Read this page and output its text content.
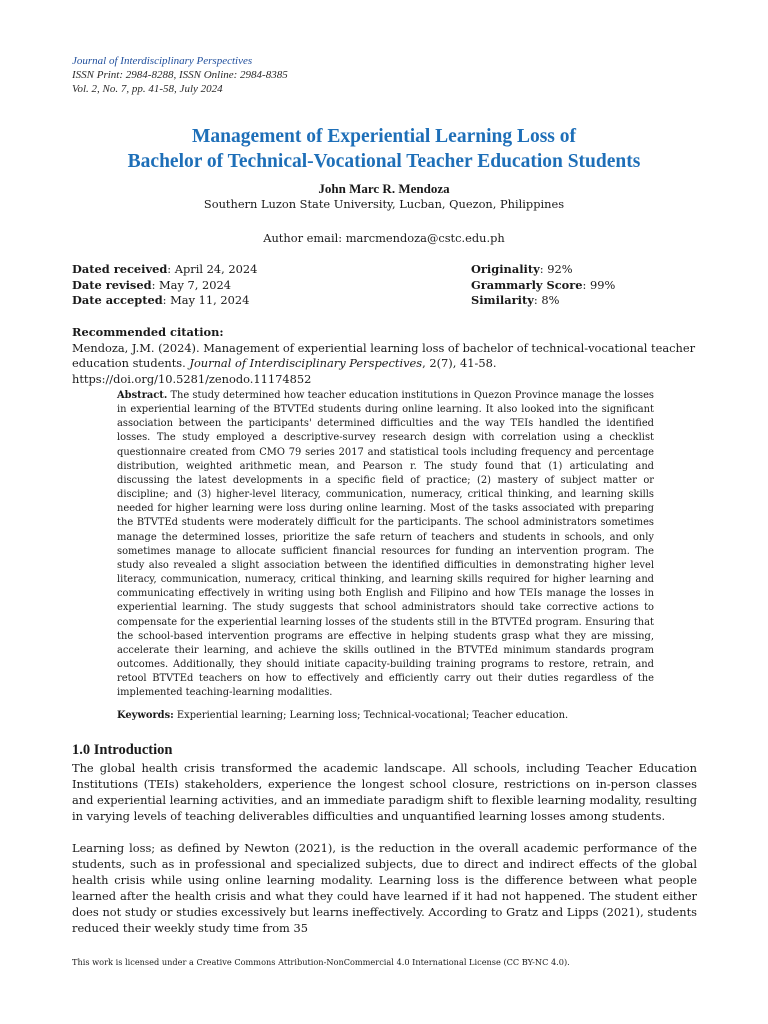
Journal of Interdisciplinary Perspectives
ISSN Print: 2984-8288, ISSN Online: 2984-8385
Vol. 2, No. 7, pp. 41-58, July 2024
Management of Experiential Learning Loss of
Bachelor of Technical-Vocational Teacher Education Students
John Marc R. Mendoza
Southern Luzon State University, Lucban, Quezon, Philippines
Author email: marcmendoza@cstc.edu.ph
Dated received: April 24, 2024
Date revised: May 7, 2024
Date accepted: May 11, 2024
Originality: 92%
Grammarly Score: 99%
Similarity: 8%
Recommended citation:
Mendoza, J.M. (2024). Management of experiential learning loss of bachelor of technical-vocational teacher education students. Journal of Interdisciplinary Perspectives, 2(7), 41-58. https://doi.org/10.5281/zenodo.11174852
Abstract. The study determined how teacher education institutions in Quezon Province manage the losses in experiential learning of the BTVTEd students during online learning. It also looked into the significant association between the participants' determined difficulties and the way TEIs handled the identified losses. The study employed a descriptive-survey research design with correlation using a checklist questionnaire created from CMO 79 series 2017 and statistical tools including frequency and percentage distribution, weighted arithmetic mean, and Pearson r. The study found that (1) articulating and discussing the latest developments in a specific field of practice; (2) mastery of subject matter or discipline; and (3) higher-level literacy, communication, numeracy, critical thinking, and learning skills needed for higher learning were loss during online learning. Most of the tasks associated with preparing the BTVTEd students were moderately difficult for the participants. The school administrators sometimes manage the determined losses, prioritize the safe return of teachers and students in schools, and only sometimes manage to allocate sufficient financial resources for funding an intervention program. The study also revealed a slight association between the identified difficulties in demonstrating higher level literacy, communication, numeracy, critical thinking, and learning skills required for higher learning and communicating effectively in writing using both English and Filipino and how TEIs manage the losses in experiential learning. The study suggests that school administrators should take corrective actions to compensate for the experiential learning losses of the students still in the BTVTEd program. Ensuring that the school-based intervention programs are effective in helping students grasp what they are missing, accelerate their learning, and achieve the skills outlined in the BTVTEd minimum standards program outcomes. Additionally, they should initiate capacity-building training programs to restore, retrain, and retool BTVTEd teachers on how to effectively and efficiently carry out their duties regardless of the implemented teaching-learning modalities.
Keywords: Experiential learning; Learning loss; Technical-vocational; Teacher education.
1.0 Introduction
The global health crisis transformed the academic landscape. All schools, including Teacher Education Institutions (TEIs) stakeholders, experience the longest school closure, restrictions on in-person classes and experiential learning activities, and an immediate paradigm shift to flexible learning modality, resulting in varying levels of teaching deliverables difficulties and unquantified learning losses among students.
Learning loss; as defined by Newton (2021), is the reduction in the overall academic performance of the students, such as in professional and specialized subjects, due to direct and indirect effects of the global health crisis while using online learning modality. Learning loss is the difference between what people learned after the health crisis and what they could have learned if it had not happened. The student either does not study or studies excessively but learns ineffectively. According to Gratz and Lipps (2021), students reduced their weekly study time from 35
This work is licensed under a Creative Commons Attribution-NonCommercial 4.0 International License (CC BY-NC 4.0).
